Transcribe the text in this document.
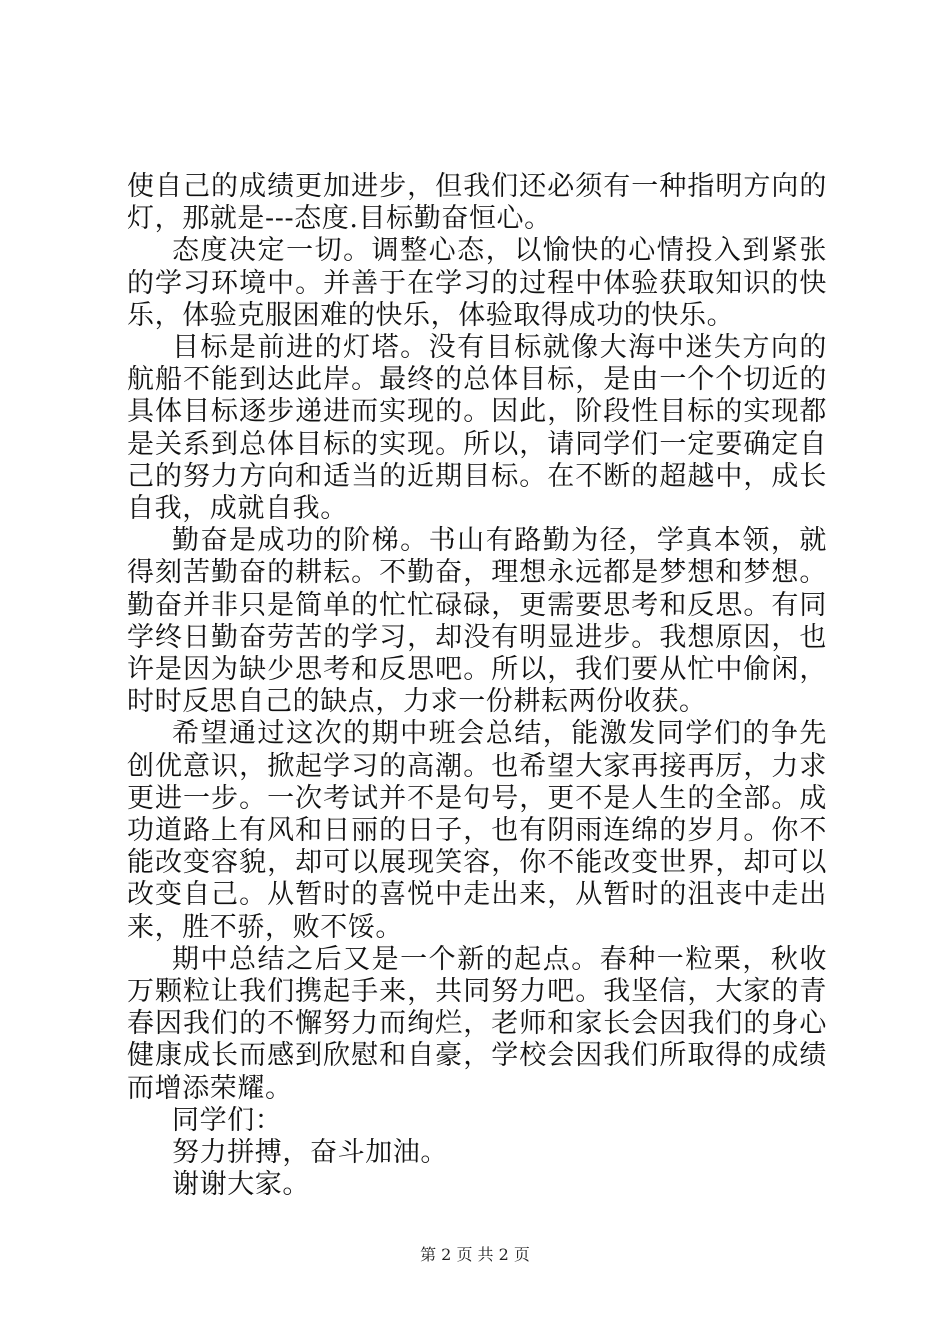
使自己的成绩更加进步，但我们还必须有一种指明方向的灯，那就是---态度.目标勤奋恒心。

态度决定一切。调整心态，以愉快的心情投入到紧张的学习环境中。并善于在学习的过程中体验获取知识的快乐，体验克服困难的快乐，体验取得成功的快乐。

目标是前进的灯塔。没有目标就像大海中迷失方向的航船不能到达此岸。最终的总体目标，是由一个个切近的具体目标逐步递进而实现的。因此，阶段性目标的实现都是关系到总体目标的实现。所以，请同学们一定要确定自己的努力方向和适当的近期目标。在不断的超越中，成长自我，成就自我。

勤奋是成功的阶梯。书山有路勤为径，学真本领，就得刻苦勤奋的耕耘。不勤奋，理想永远都是梦想和梦想。勤奋并非只是简单的忙忙碌碌，更需要思考和反思。有同学终日勤奋劳苦的学习，却没有明显进步。我想原因，也许是因为缺少思考和反思吧。所以，我们要从忙中偷闲，时时反思自己的缺点，力求一份耕耘两份收获。

希望通过这次的期中班会总结，能激发同学们的争先创优意识，掀起学习的高潮。也希望大家再接再厉，力求更进一步。一次考试并不是句号，更不是人生的全部。成功道路上有风和日丽的日子，也有阴雨连绵的岁月。你不能改变容貌，却可以展现笑容，你不能改变世界，却可以改变自己。从暂时的喜悦中走出来，从暂时的沮丧中走出来，胜不骄，败不馁。

期中总结之后又是一个新的起点。春种一粒栗，秋收万颗粒让我们携起手来，共同努力吧。我坚信，大家的青春因我们的不懈努力而绚烂，老师和家长会因我们的身心健康成长而感到欣慰和自豪，学校会因我们所取得的成绩而增添荣耀。

同学们：

努力拼搏，奋斗加油。

谢谢大家。

第 2 页 共 2 页
